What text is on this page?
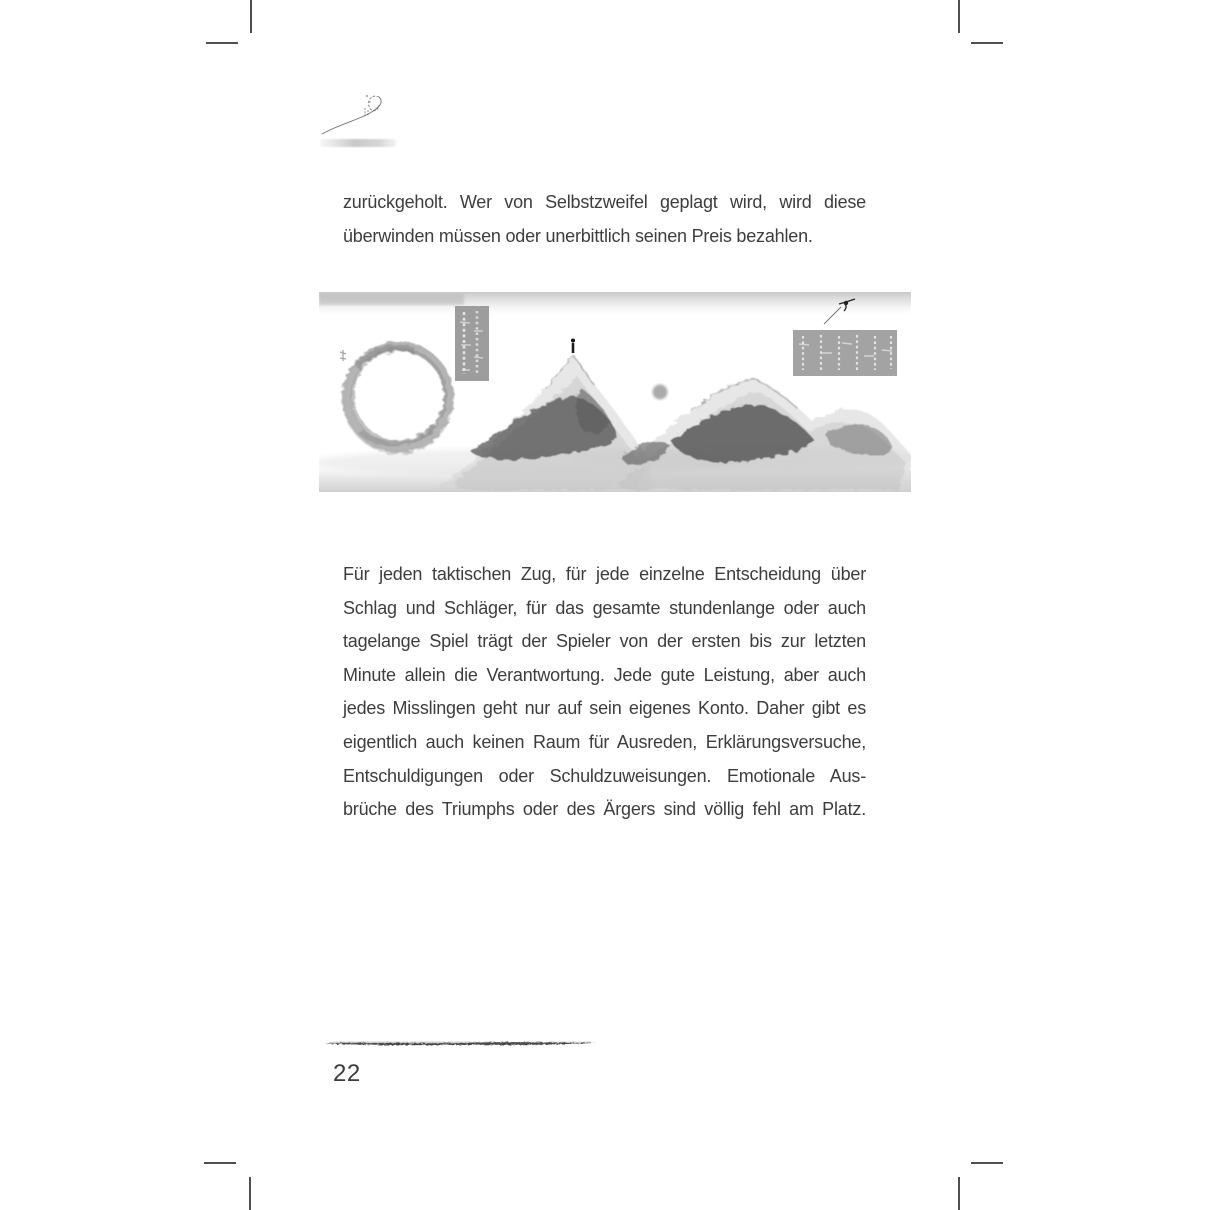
zurückgeholt. Wer von Selbstzweifel geplagt wird, wird diese
überwinden müssen oder unerbittlich seinen Preis bezahlen.
Für jeden taktischen Zug, für jede einzelne Entscheidung über
Schlag und Schläger, für das gesamte stundenlange oder auch
tagelange Spiel trägt der Spieler von der ersten bis zur letzten
Minute allein die Verantwortung. Jede gute Leistung, aber auch
jedes Misslingen geht nur auf sein eigenes Konto. Daher gibt es
eigentlich auch keinen Raum für Ausreden, Erklärungsversuche,
Entschuldigungen oder Schuldzuweisungen. Emotionale Aus-
brüche des Triumphs oder des Ärgers sind völlig fehl am Platz.
22
